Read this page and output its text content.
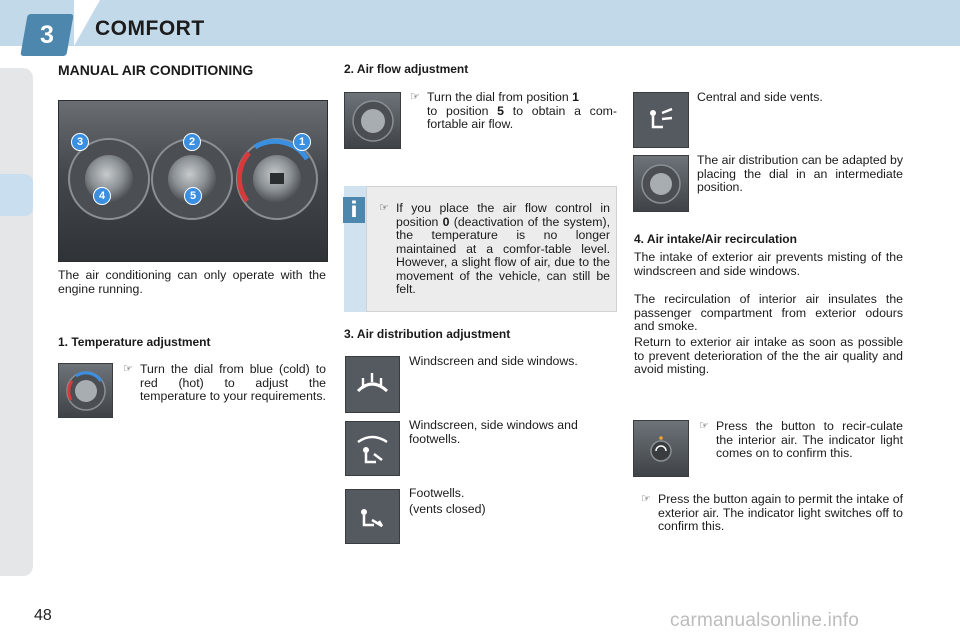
3	COMFORT
MANUAL AIR CONDITIONING
3	2	1
4	5
The air conditioning can only operate with the engine running.
1. Temperature adjustment
☞ Turn the dial from blue (cold) to red (hot) to adjust the temperature to your requirements.
2. Air flow adjustment
☞ Turn the dial from position 1
to position 5 to obtain a com-fortable air flow.
i	☞ If you place the air flow control in position 0 (deactivation of the system), the temperature is no longer maintained at a comfor-table level. However, a slight flow of air, due to the movement of the vehicle, can still be felt.
3. Air distribution adjustment
Windscreen and side windows.
Windscreen, side windows and footwells.
Footwells.
(vents closed)
Central and side vents.
The air distribution can be adapted by placing the dial in an intermediate position.
4. Air intake/Air recirculation
The intake of exterior air prevents misting of the windscreen and side windows.
The recirculation of interior air insulates the passenger compartment from exterior odours and smoke.
Return to exterior air intake as soon as possible to prevent deterioration of the the air quality and avoid misting.
☞ Press the button to recir-culate the interior air. The indicator light comes on to confirm this.
☞ Press the button again to permit the intake of exterior air. The indicator light switches off to confirm this.
48	carmanualsonline.info
